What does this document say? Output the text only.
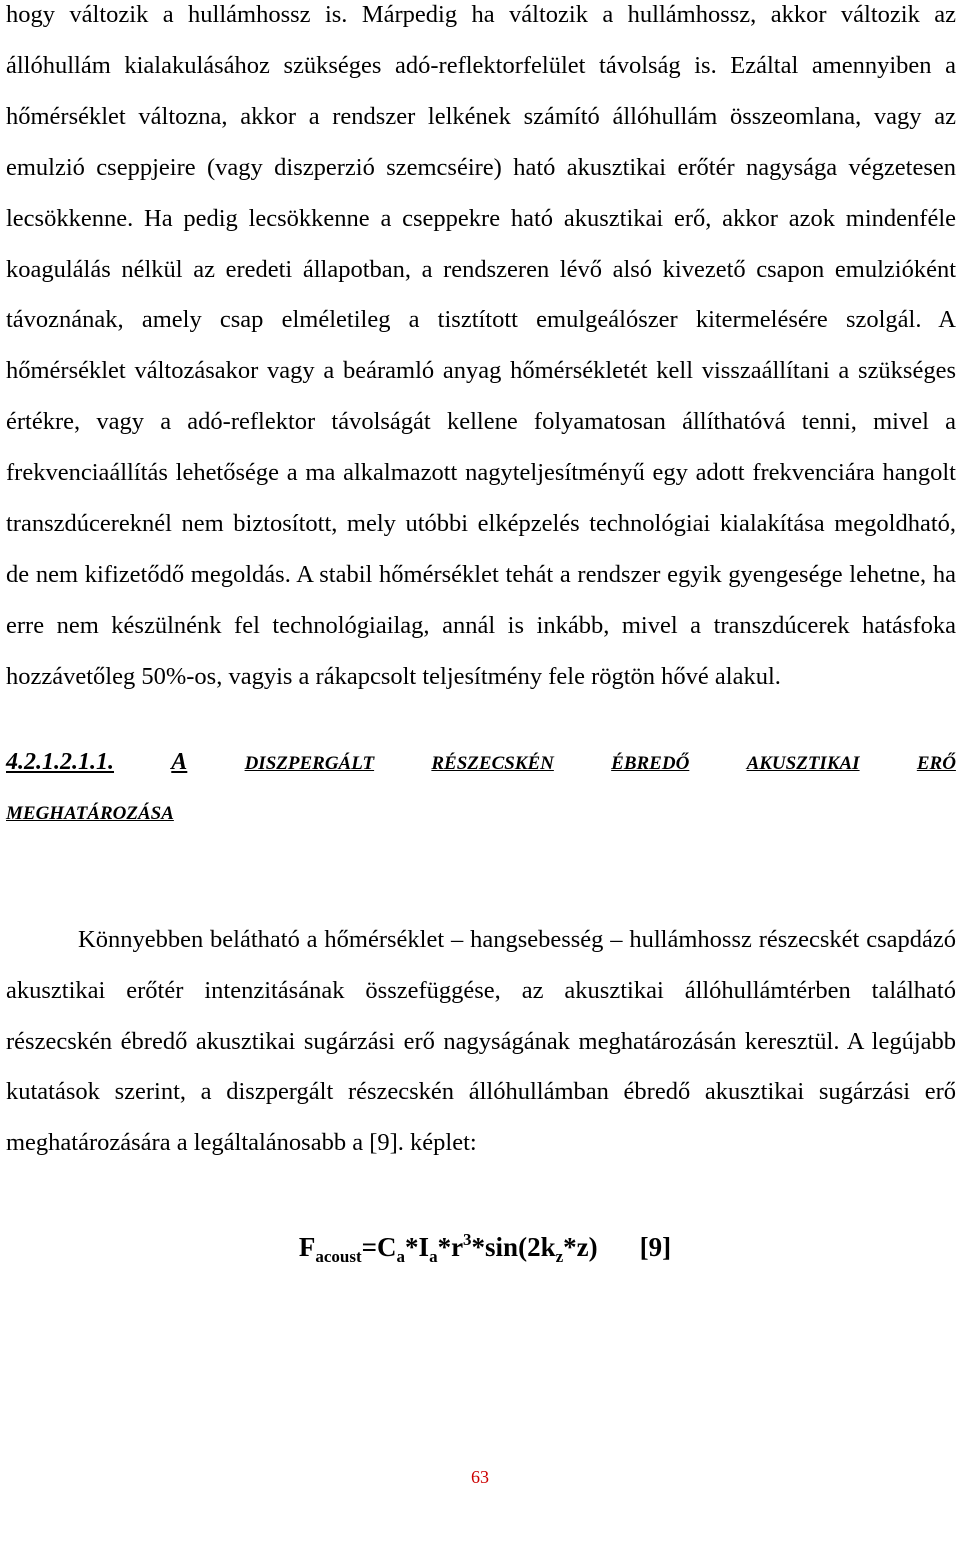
hogy változik a hullámhossz is. Márpedig ha változik a hullámhossz, akkor változik az állóhullám kialakulásához szükséges adó-reflektorfelület távolság is. Ezáltal amennyiben a hőmérséklet változna, akkor a rendszer lelkének számító állóhullám összeomlana, vagy az emulzió cseppjeire (vagy diszperzió szemcséire) ható akusztikai erőtér nagysága végzetesen lecsökkenne. Ha pedig lecsökkenne a cseppekre ható akusztikai erő, akkor azok mindenféle koagulálás nélkül az eredeti állapotban, a rendszeren lévő alsó kivezető csapon emulzióként távoznának, amely csap elméletileg a tisztított emulgeálószer kitermelésére szolgál. A hőmérséklet változásakor vagy a beáramló anyag hőmérsékletét kell visszaállítani a szükséges értékre, vagy a adó-reflektor távolságát kellene folyamatosan állíthatóvá tenni, mivel a frekvenciaállítás lehetősége a ma alkalmazott nagyteljesítményű egy adott frekvenciára hangolt transzdúcereknél nem biztosított, mely utóbbi elképzelés technológiai kialakítása megoldható, de nem kifizetődő megoldás. A stabil hőmérséklet tehát a rendszer egyik gyengesége lehetne, ha erre nem készülnénk fel technológiailag, annál is inkább, mivel a transzdúcerek hatásfoka hozzávetőleg 50%-os, vagyis a rákapcsolt teljesítmény fele rögtön hővé alakul.

4.2.1.2.1.1. A	DISZPERGÁLT	RÉSZECSKÉN	ÉBREDŐ	AKUSZTIKAI	ERŐ
MEGHATÁROZÁSA

Könnyebben belátható a hőmérséklet – hangsebesség – hullámhossz részecskét csapdázó akusztikai erőtér intenzitásának összefüggése, az akusztikai állóhullámtérben található részecskén ébredő akusztikai sugárzási erő nagyságának meghatározásán keresztül. A legújabb kutatások szerint, a diszpergált részecskén állóhullámban ébredő akusztikai sugárzási erő meghatározására a legáltalánosabb a [9]. képlet:

$F_{acoust}=C_a*I_a*r^3*\sin(2k_z*z)$ [9]
63
